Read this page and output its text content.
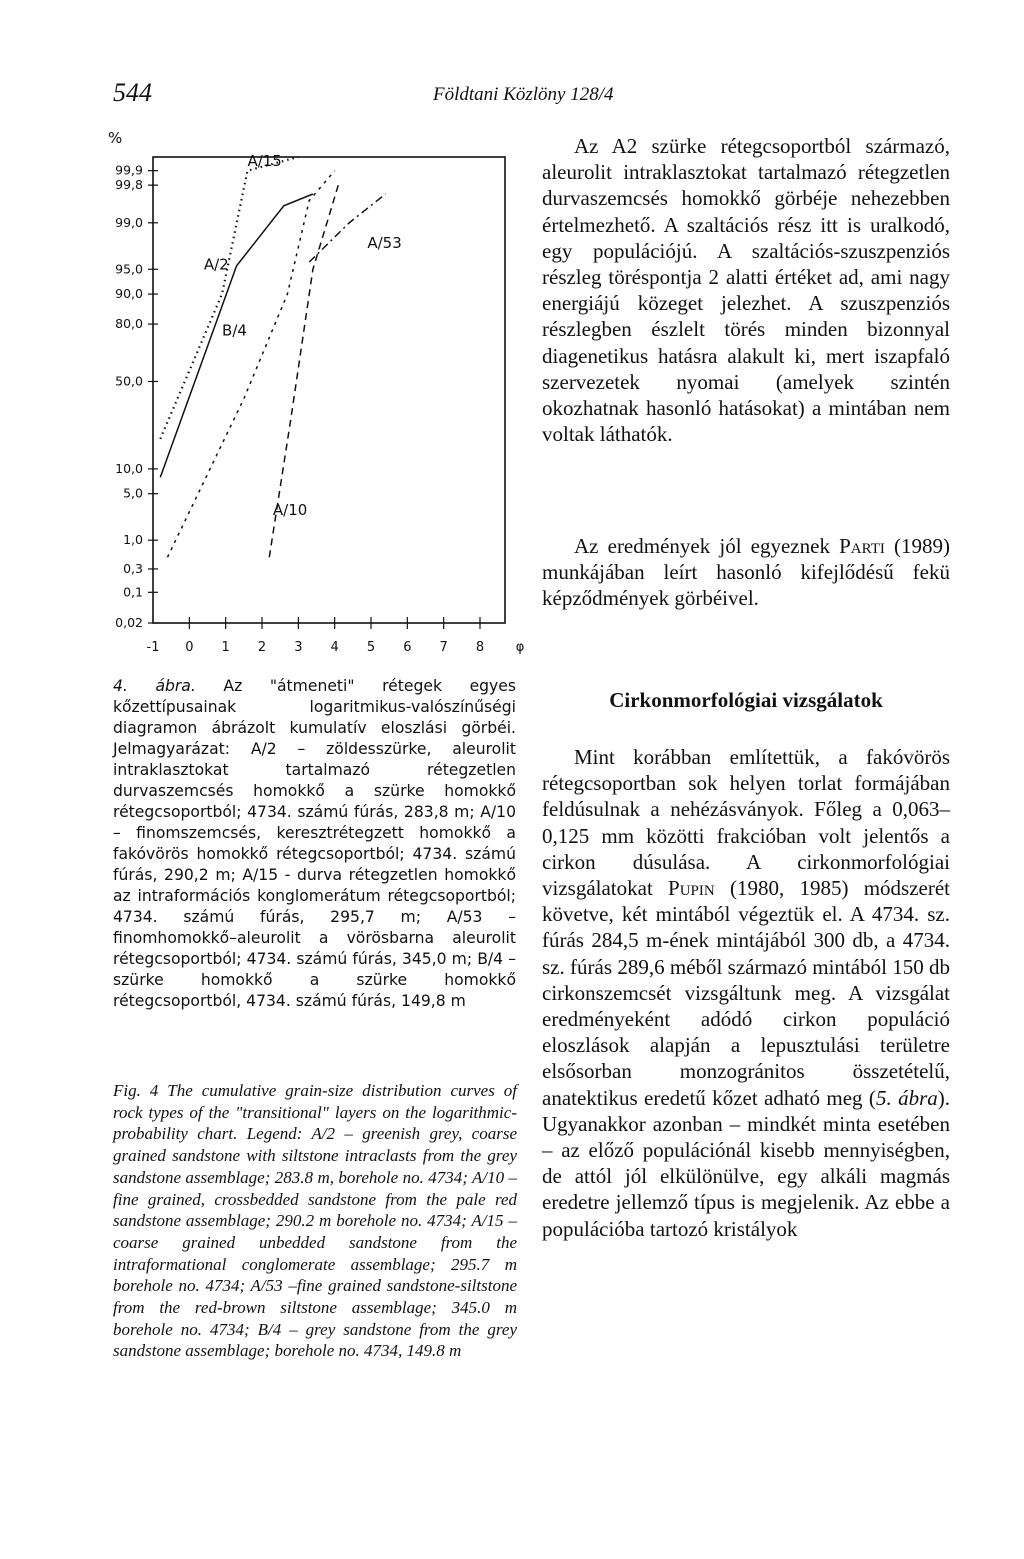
544	Földtani Közlöny 128/4
%
99,9
99,8
99,0
95,0
90,0
80,0
50,0
10,0
5,0
1,0
0,3
0,1
0,02
-1 0 1 2 3 4 5 6 7 8 φ
A/2
A/10
A/15
A/53
B/4
4. ábra. Az "átmeneti" rétegek egyes kőzettípusainak logaritmikus-valószínűségi diagramon ábrázolt kumulatív eloszlási görbéi. Jelmagyarázat: A/2 – zöldesszürke, aleurolit intraklasztokat tartalmazó rétegzetlen durvaszemcsés homokkő a szürke homokkő rétegcsoportból; 4734. számú fúrás, 283,8 m; A/10 – finomszemcsés, keresztrétegzett homokkő a fakóvörös homokkő rétegcsoportból; 4734. számú fúrás, 290,2 m; A/15 - durva rétegzetlen homokkő az intraformációs konglomerátum rétegcsoportból; 4734. számú fúrás, 295,7 m; A/53 – finomhomokkő–aleurolit a vörösbarna aleurolit rétegcsoportból; 4734. számú fúrás, 345,0 m; B/4 – szürke homokkő a szürke homokkő rétegcsoportból, 4734. számú fúrás, 149,8 m
Fig. 4 The cumulative grain-size distribution curves of rock types of the "transitional" layers on the logarithmic-probability chart. Legend: A/2 – greenish grey, coarse grained sandstone with siltstone intraclasts from the grey sandstone assemblage; 283.8 m, borehole no. 4734; A/10 – fine grained, crossbedded sandstone from the pale red sandstone assemblage; 290.2 m borehole no. 4734; A/15 – coarse grained unbedded sandstone from the intraformational conglomerate assemblage; 295.7 m borehole no. 4734; A/53 –fine grained sandstone-siltstone from the red-brown siltstone assemblage; 345.0 m borehole no. 4734; B/4 – grey sandstone from the grey sandstone assemblage; borehole no. 4734, 149.8 m
Az A2 szürke rétegcsoportból származó, aleurolit intraklasztokat tartalmazó rétegzetlen durvaszemcsés homokkő görbéje nehezebben értelmezhető. A szaltációs rész itt is uralkodó, egy populációjú. A szaltációs-szuszpenziós részleg töréspontja 2 alatti értéket ad, ami nagy energiájú közeget jelezhet. A szuszpenziós részlegben észlelt törés minden bizonnyal diagenetikus hatásra alakult ki, mert iszapfaló szervezetek nyomai (amelyek szintén okozhatnak hasonló hatásokat) a mintában nem voltak láthatók.
Az eredmények jól egyeznek Parti (1989) munkájában leírt hasonló kifejlődésű fekü képződmények görbéivel.
Cirkonmorfológiai vizsgálatok
Mint korábban említettük, a fakóvörös rétegcsoportban sok helyen torlat formájában feldúsulnak a nehézásványok. Főleg a 0,063–0,125 mm közötti frakcióban volt jelentős a cirkon dúsulása. A cirkonmorfológiai vizsgálatokat Pupin (1980, 1985) módszerét követve, két mintából végeztük el. A 4734. sz. fúrás 284,5 m-ének mintájából 300 db, a 4734. sz. fúrás 289,6 méből származó mintából 150 db cirkonszemcsét vizsgáltunk meg. A vizsgálat eredményeként adódó cirkon populáció eloszlások alapján a lepusztulási területre elsősorban monzogránitos összetételű, anatektikus eredetű kőzet adható meg (5. ábra). Ugyanakkor azonban – mindkét minta esetében – az előző populációnál kisebb mennyiségben, de attól jól elkülönülve, egy alkáli magmás eredetre jellemző típus is megjelenik. Az ebbe a populációba tartozó kristályok
